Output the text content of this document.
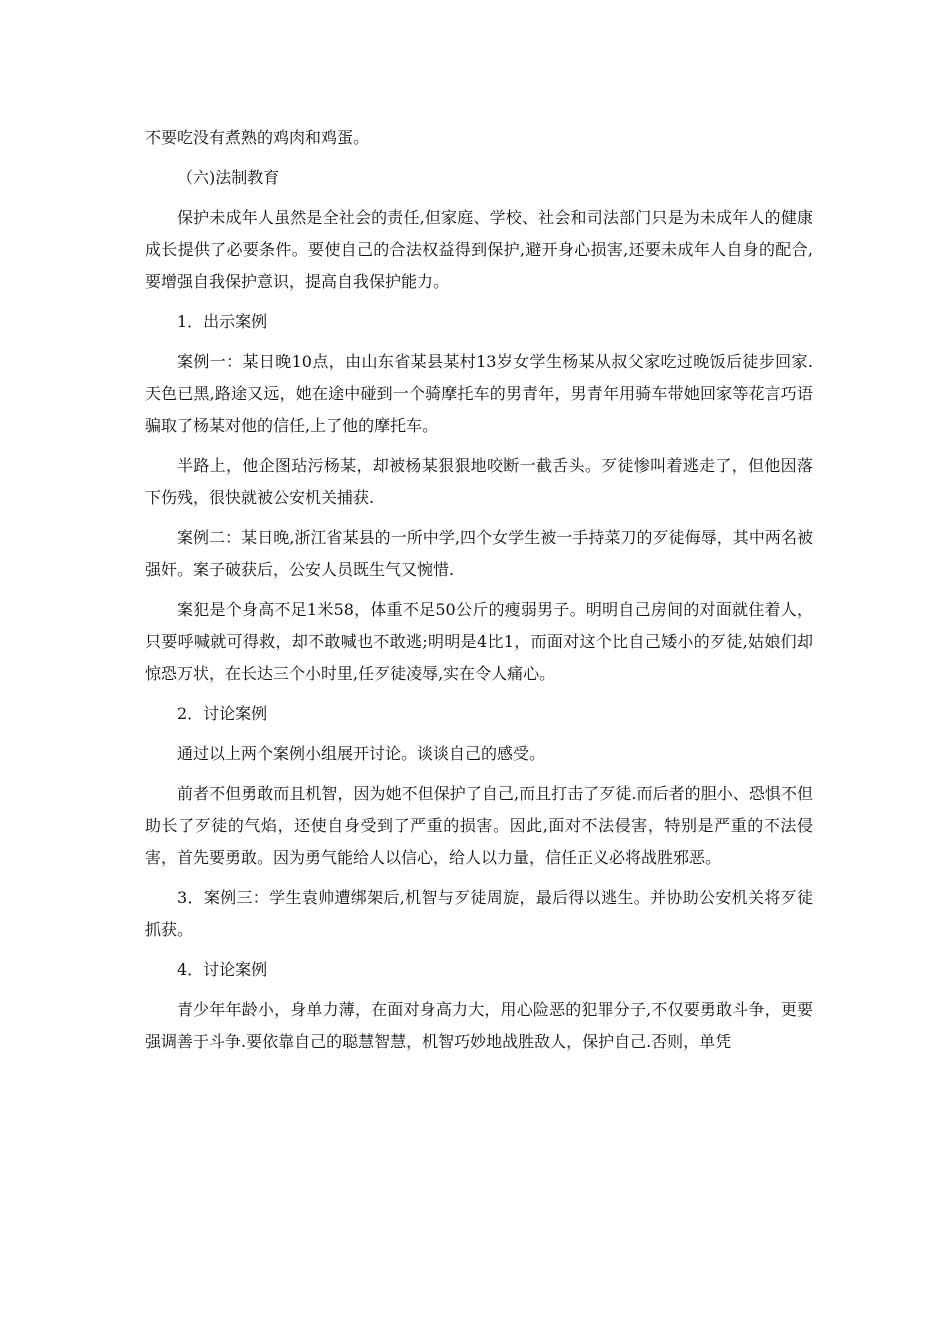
不要吃没有煮熟的鸡肉和鸡蛋。

（六)法制教育

保护未成年人虽然是全社会的责任,但家庭、学校、社会和司法部门只是为未成年人的健康成长提供了必要条件。要使自己的合法权益得到保护,避开身心损害,还要未成年人自身的配合,要增强自我保护意识，提高自我保护能力。

1．出示案例

案例一：某日晚10点，由山东省某县某村13岁女学生杨某从叔父家吃过晚饭后徒步回家.天色已黑,路途又远，她在途中碰到一个骑摩托车的男青年，男青年用骑车带她回家等花言巧语骗取了杨某对他的信任,上了他的摩托车。

半路上，他企图玷污杨某，却被杨某狠狠地咬断一截舌头。歹徒惨叫着逃走了，但他因落下伤残，很快就被公安机关捕获.

案例二：某日晚,浙江省某县的一所中学,四个女学生被一手持菜刀的歹徒侮辱，其中两名被强奸。案子破获后，公安人员既生气又惋惜.

案犯是个身高不足1米58，体重不足50公斤的瘦弱男子。明明自己房间的对面就住着人，只要呼喊就可得救，却不敢喊也不敢逃;明明是4比1，而面对这个比自己矮小的歹徒,姑娘们却惊恐万状，在长达三个小时里,任歹徒凌辱,实在令人痛心。

2．讨论案例

通过以上两个案例小组展开讨论。谈谈自己的感受。

前者不但勇敢而且机智，因为她不但保护了自己,而且打击了歹徒.而后者的胆小、恐惧不但助长了歹徒的气焰，还使自身受到了严重的损害。因此,面对不法侵害，特别是严重的不法侵害，首先要勇敢。因为勇气能给人以信心，给人以力量，信任正义必将战胜邪恶。

3．案例三：学生袁帅遭绑架后,机智与歹徒周旋，最后得以逃生。并协助公安机关将歹徒抓获。

4．讨论案例

青少年年龄小，身单力薄，在面对身高力大，用心险恶的犯罪分子,不仅要勇敢斗争，更要强调善于斗争.要依靠自己的聪慧智慧，机智巧妙地战胜敌人，保护自己.否则，单凭
